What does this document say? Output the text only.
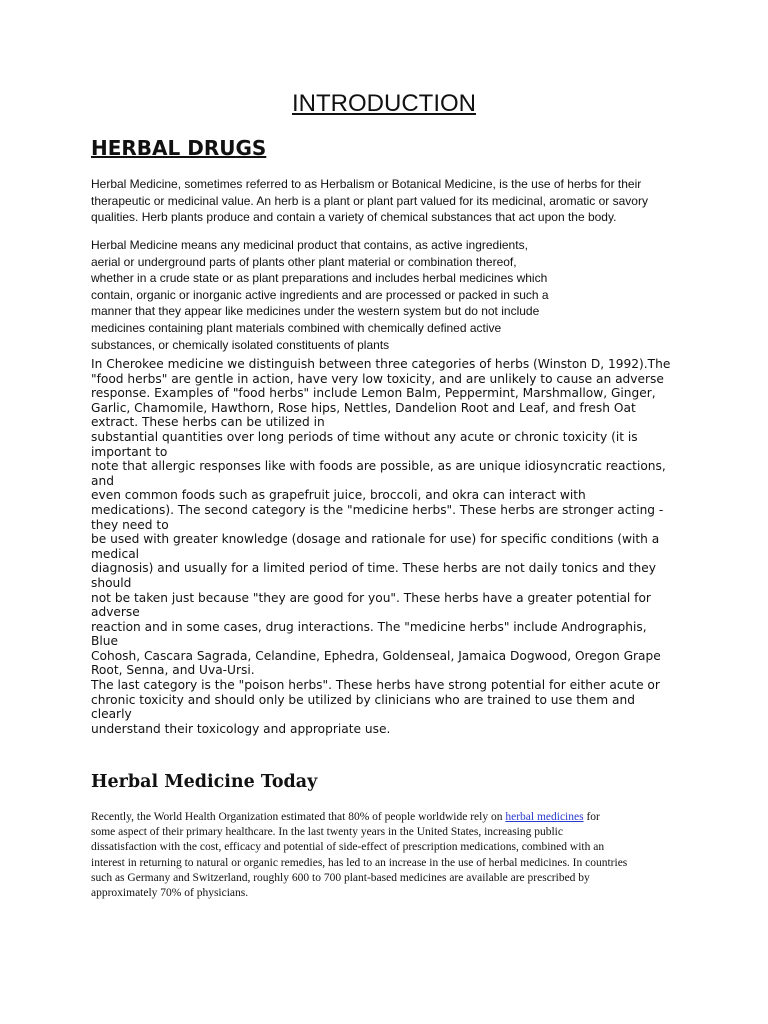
INTRODUCTION
HERBAL DRUGS

Herbal Medicine, sometimes referred to as Herbalism or Botanical Medicine, is the use of herbs for their therapeutic or medicinal value. An herb is a plant or plant part valued for its medicinal, aromatic or savory qualities. Herb plants produce and contain a variety of chemical substances that act upon the body.

Herbal Medicine means any medicinal product that contains, as active ingredients,
aerial or underground parts of plants other plant material or combination thereof,
whether in a crude state or as plant preparations and includes herbal medicines which
contain, organic or inorganic active ingredients and are processed or packed in such a
manner that they appear like medicines under the western system but do not include
medicines containing plant materials combined with chemically defined active
substances, or chemically isolated constituents of plants
In Cherokee medicine we distinguish between three categories of herbs (Winston D, 1992).The
"food herbs" are gentle in action, have very low toxicity, and are unlikely to cause an adverse
response. Examples of "food herbs" include Lemon Balm, Peppermint, Marshmallow, Ginger,
Garlic, Chamomile, Hawthorn, Rose hips, Nettles, Dandelion Root and Leaf, and fresh Oat
extract. These herbs can be utilized in
substantial quantities over long periods of time without any acute or chronic toxicity (it is
important to
note that allergic responses like with foods are possible, as are unique idiosyncratic reactions,
and
even common foods such as grapefruit juice, broccoli, and okra can interact with
medications). The second category is the "medicine herbs". These herbs are stronger acting -
they need to
be used with greater knowledge (dosage and rationale for use) for specific conditions (with a
medical
diagnosis) and usually for a limited period of time. These herbs are not daily tonics and they
should
not be taken just because "they are good for you". These herbs have a greater potential for
adverse
reaction and in some cases, drug interactions. The "medicine herbs" include Andrographis,
Blue
Cohosh, Cascara Sagrada, Celandine, Ephedra, Goldenseal, Jamaica Dogwood, Oregon Grape
Root, Senna, and Uva-Ursi.
The last category is the "poison herbs". These herbs have strong potential for either acute or
chronic toxicity and should only be utilized by clinicians who are trained to use them and
clearly
understand their toxicology and appropriate use.
Herbal Medicine Today
Recently, the World Health Organization estimated that 80% of people worldwide rely on herbal medicines for
some aspect of their primary healthcare. In the last twenty years in the United States, increasing public
dissatisfaction with the cost, efficacy and potential of side-effect of prescription medications, combined with an
interest in returning to natural or organic remedies, has led to an increase in the use of herbal medicines. In countries
such as Germany and Switzerland, roughly 600 to 700 plant-based medicines are available are prescribed by
approximately 70% of physicians.
